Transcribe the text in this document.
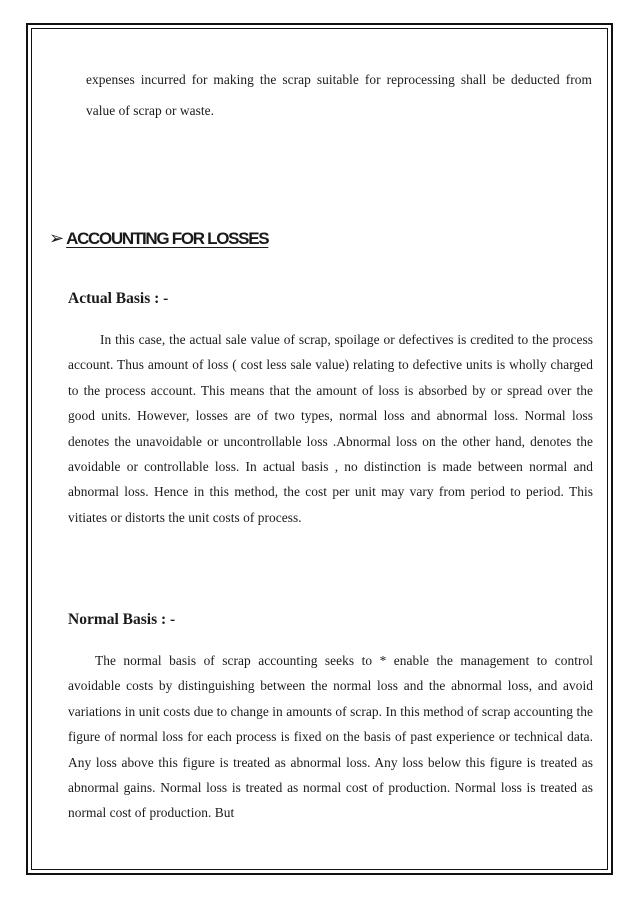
expenses incurred for making the scrap suitable for reprocessing shall be deducted from value of scrap or waste.
➢ ACCOUNTING FOR LOSSES
Actual Basis : -
In this case, the actual sale value of scrap, spoilage or defectives is credited to the process account. Thus amount of loss ( cost less sale value) relating to defective units is wholly charged to the process account. This means that the amount of loss is absorbed by or spread over the good units. However, losses are of two types, normal loss and abnormal loss. Normal loss denotes the unavoidable or uncontrollable loss .Abnormal loss on the other hand, denotes the avoidable or controllable loss. In actual basis , no distinction is made between normal and abnormal loss. Hence in this method, the cost per unit may vary from period to period. This vitiates or distorts the unit costs of process.
Normal Basis : -
The normal basis of scrap accounting seeks to * enable the management to control avoidable costs by distinguishing between the normal loss and the abnormal loss, and avoid variations in unit costs due to change in amounts of scrap. In this method of scrap accounting the figure of normal loss for each process is fixed on the basis of past experience or technical data. Any loss above this figure is treated as abnormal loss. Any loss below this figure is treated as abnormal gains. Normal loss is treated as normal cost of production. Normal loss is treated as normal cost of production. But
